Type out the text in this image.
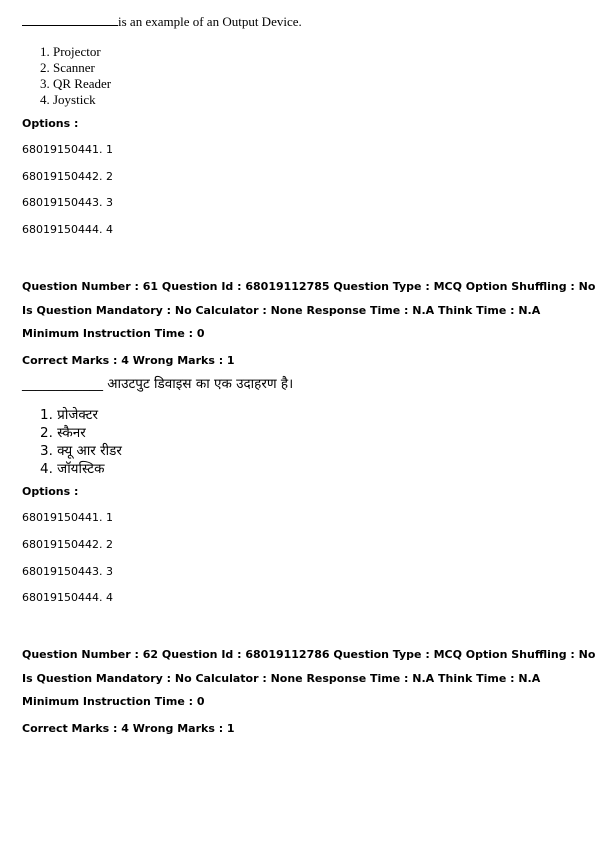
is an example of an Output Device.
1. Projector
2. Scanner
3. QR Reader
4. Joystick
Options :
68019150441. 1
68019150442. 2
68019150443. 3
68019150444. 4
Question Number : 61 Question Id : 68019112785 Question Type : MCQ Option Shuffling : No
Is Question Mandatory : No Calculator : None Response Time : N.A Think Time : N.A
Minimum Instruction Time : 0
Correct Marks : 4 Wrong Marks : 1
____________ आउटपुट डिवाइस का एक उदाहरण है।
1. प्रोजेक्टर
2. स्कैनर
3. क्यू आर रीडर
4. जॉयस्टिक
Options :
68019150441. 1
68019150442. 2
68019150443. 3
68019150444. 4
Question Number : 62 Question Id : 68019112786 Question Type : MCQ Option Shuffling : No
Is Question Mandatory : No Calculator : None Response Time : N.A Think Time : N.A
Minimum Instruction Time : 0
Correct Marks : 4 Wrong Marks : 1
